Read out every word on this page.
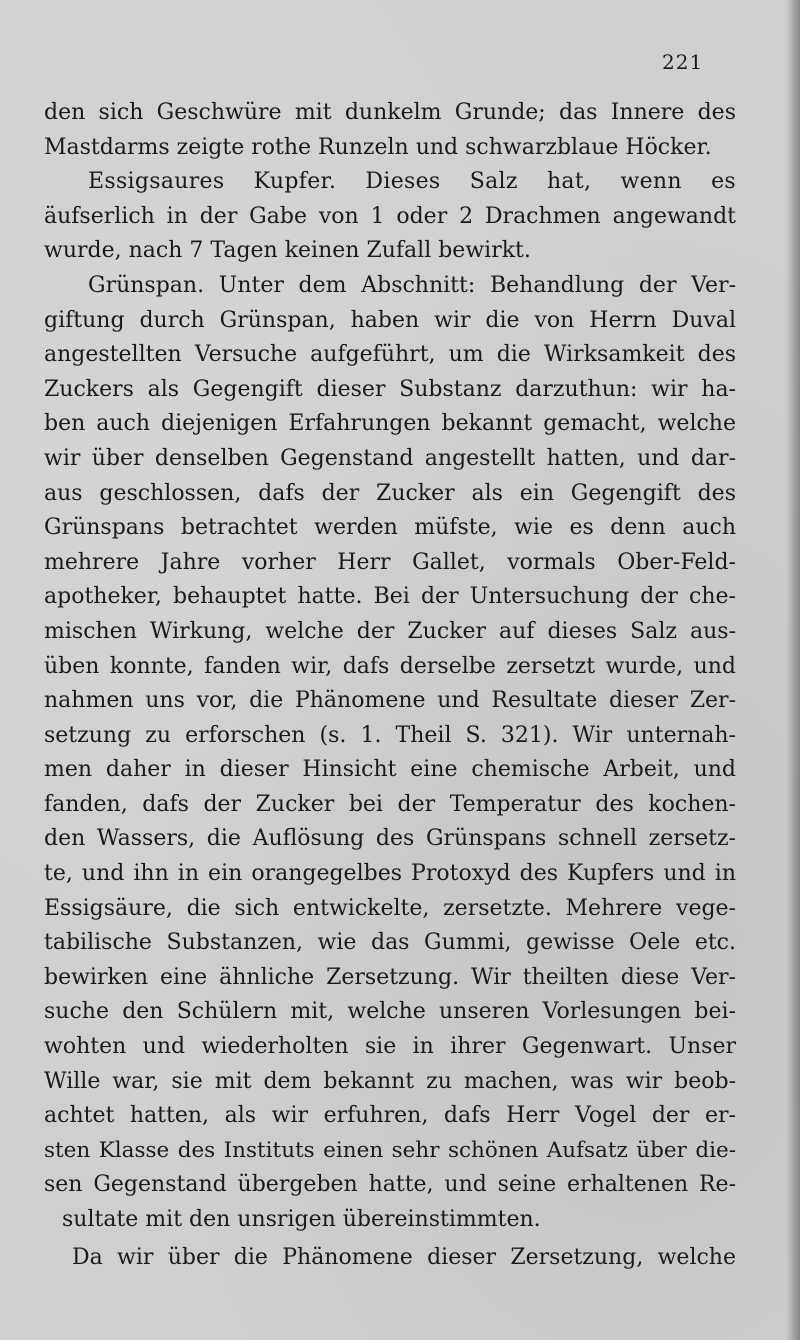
221
den sich Geschwüre mit dunkelm Grunde; das Innere des
Mastdarms zeigte rothe Runzeln und schwarzblaue Höcker.
Essigsaures Kupfer. Dieses Salz hat, wenn es
äufserlich in der Gabe von 1 oder 2 Drachmen angewandt
wurde, nach 7 Tagen keinen Zufall bewirkt.
Grünspan. Unter dem Abschnitt: Behandlung der Ver-
giftung durch Grünspan, haben wir die von Herrn Duval
angestellten Versuche aufgeführt, um die Wirksamkeit des
Zuckers als Gegengift dieser Substanz darzuthun: wir ha-
ben auch diejenigen Erfahrungen bekannt gemacht, welche
wir über denselben Gegenstand angestellt hatten, und dar-
aus geschlossen, dafs der Zucker als ein Gegengift des
Grünspans betrachtet werden müfste, wie es denn auch
mehrere Jahre vorher Herr Gallet, vormals Ober-Feld-
apotheker, behauptet hatte. Bei der Untersuchung der che-
mischen Wirkung, welche der Zucker auf dieses Salz aus-
üben konnte, fanden wir, dafs derselbe zersetzt wurde, und
nahmen uns vor, die Phänomene und Resultate dieser Zer-
setzung zu erforschen (s. 1. Theil S. 321). Wir unternah-
men daher in dieser Hinsicht eine chemische Arbeit, und
fanden, dafs der Zucker bei der Temperatur des kochen-
den Wassers, die Auflösung des Grünspans schnell zersetz-
te, und ihn in ein orangegelbes Protoxyd des Kupfers und in
Essigsäure, die sich entwickelte, zersetzte. Mehrere vege-
tabilische Substanzen, wie das Gummi, gewisse Oele etc.
bewirken eine ähnliche Zersetzung. Wir theilten diese Ver-
suche den Schülern mit, welche unseren Vorlesungen bei-
wohten und wiederholten sie in ihrer Gegenwart. Unser
Wille war, sie mit dem bekannt zu machen, was wir beob-
achtet hatten, als wir erfuhren, dafs Herr Vogel der er-
sten Klasse des Instituts einen sehr schönen Aufsatz über die-
sen Gegenstand übergeben hatte, und seine erhaltenen Re-
sultate mit den unsrigen übereinstimmten.
Da wir über die Phänomene dieser Zersetzung, welche
